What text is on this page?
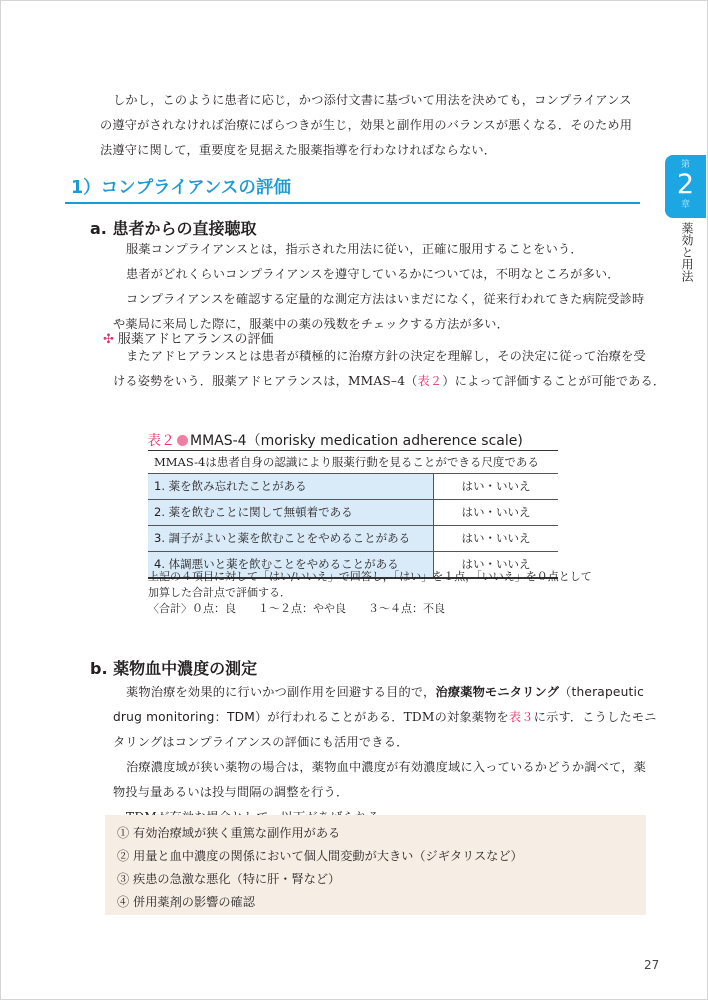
しかし，このように患者に応じ，かつ添付文書に基づいて用法を決めても，コンプライアンス
の遵守がされなければ治療にばらつきが生じ，効果と副作用のバランスが悪くなる．そのため用
法遵守に関して，重要度を見据えた服薬指導を行わなければならない．
1）コンプライアンスの評価
第
2
章
薬効と用法
a. 患者からの直接聴取
服薬コンプライアンスとは，指示された用法に従い，正確に服用することをいう．
患者がどれくらいコンプライアンスを遵守しているかについては，不明なところが多い．
コンプライアンスを確認する定量的な測定方法はいまだになく，従来行われてきた病院受診時
や薬局に来局した際に，服薬中の薬の残数をチェックする方法が多い．
✣ 服薬アドヒアランスの評価
またアドヒアランスとは患者が積極的に治療方針の決定を理解し，その決定に従って治療を受
ける姿勢をいう．服薬アドヒアランスは，MMAS–4（表２）によって評価することが可能である．
表２ MMAS-4（morisky medication adherence scale)
MMAS-4は患者自身の認識により服薬行動を見ることができる尺度である
1. 薬を飲み忘れたことがある	はい・いいえ
2. 薬を飲むことに関して無頓着である	はい・いいえ
3. 調子がよいと薬を飲むことをやめることがある	はい・いいえ
4. 体調悪いと薬を飲むことをやめることがある	はい・いいえ
上記の４項目に対して「はい/いいえ」で回答し，「はい」を１点，「いいえ」を０点として
加算した合計点で評価する．
〈合計〉０点：良　　１〜２点：やや良　　３〜４点：不良
b. 薬物血中濃度の測定
薬物治療を効果的に行いかつ副作用を回避する目的で，治療薬物モニタリング（therapeutic
drug monitoring：TDM）が行われることがある．TDMの対象薬物を表３に示す．こうしたモニ
タリングはコンプライアンスの評価にも活用できる．
治療濃度域が狭い薬物の場合は，薬物血中濃度が有効濃度域に入っているかどうか調べて，薬
物投与量あるいは投与間隔の調整を行う．
① 有効治療域が狭く重篤な副作用がある
② 用量と血中濃度の関係において個人間変動が大きい（ジギタリスなど）
③ 疾患の急激な悪化（特に肝・腎など）
④ 併用薬剤の影響の確認
27
